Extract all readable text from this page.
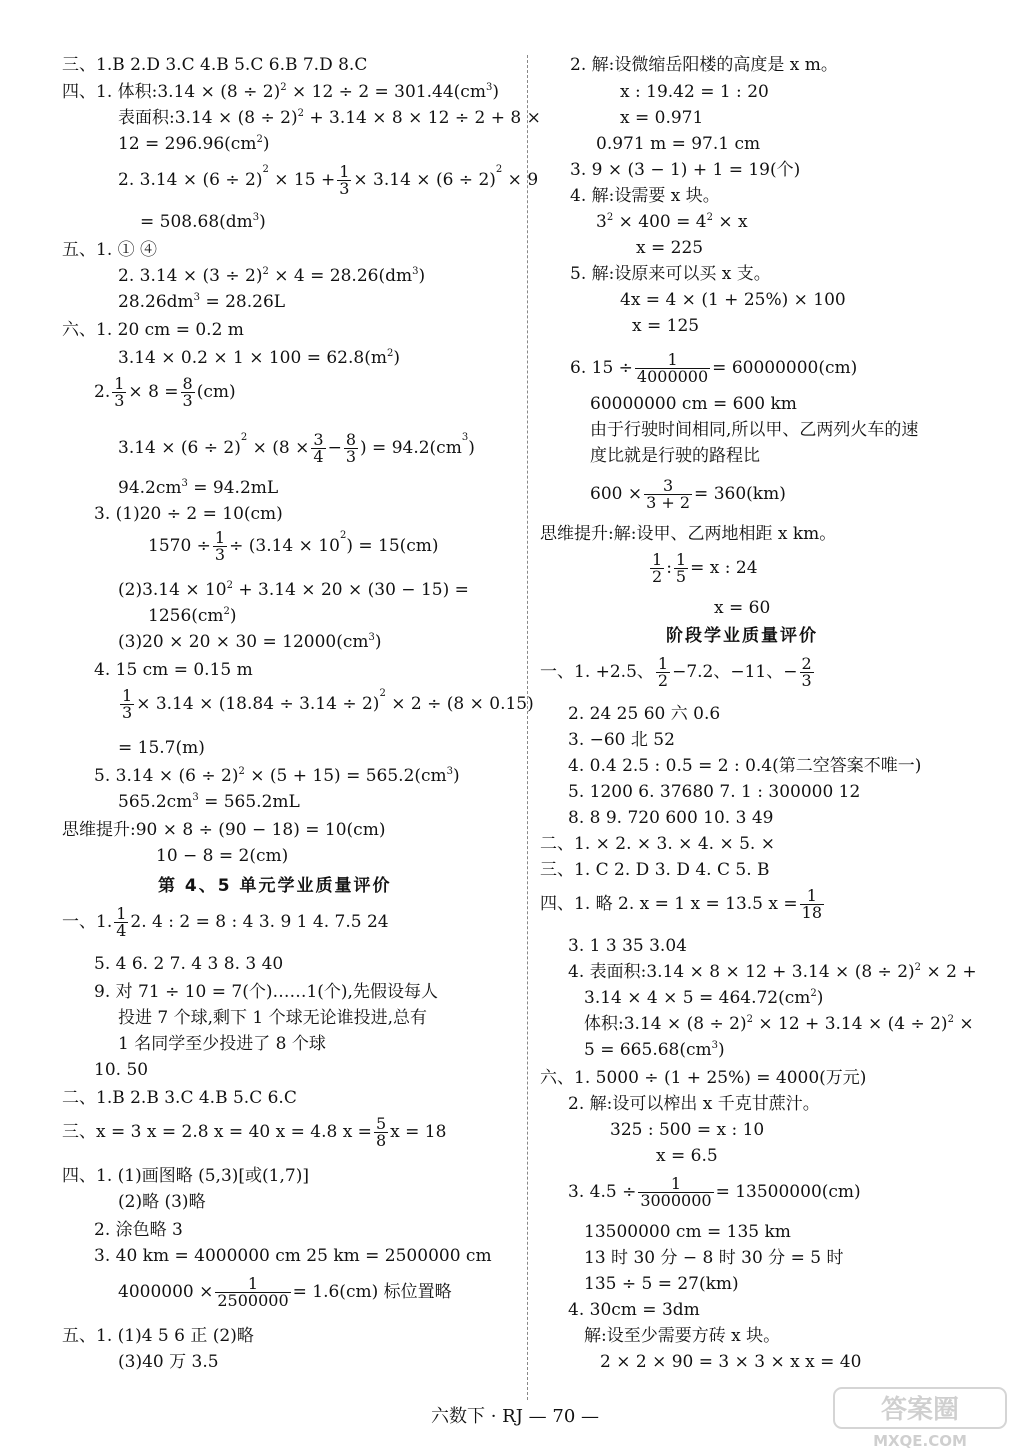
三、1.B 2.D 3.C 4.B 5.C 6.B 7.D 8.C
四、1. 体积:3.14 × $(8 \div 2)^2 \times 12 \div 2 = 301.44(cm^3)$
表面积:3.14 × $(8 \div 2)^2 + 3.14 \times 8 \times 12 \div 2 + 8$ ×
$12 = 296.96(cm^2)$
2. $3.14 \times (6 \div 2)^2 \times 15 + \frac{1}{3} \times 3.14 \times (6 \div 2)^2 \times 9$
= $508.68(dm^3)$
五、1. ① ④
2. $3.14 \times (3 \div 2)^2 \times 4 = 28.26(dm^3)$
$28.26dm^3 = 28.26L$
六、1. 20 cm = 0.2 m
$3.14 \times 0.2 \times 1 \times 100 = 62.8(m^2)$
2. $\frac{1}{3} \times 8 = \frac{8}{3} (cm)$
$3.14 \times (6 \div 2)^2 \times (8 \times \frac{3}{4} - \frac{8}{3}$ ) = $94.2(cm^3)$
$94.2cm^3 = 94.2mL$
3. (1)20 ÷ 2 = 10(cm)
$1570 \div \frac{1}{3} \div (3.14 \times 10^2) = 15(cm)$
$(2)3.14 \times 10^2 + 3.14 \times 20 \times (30 - 15)$ =
$1256(cm^2)$
$(3)20 \times 20 \times 30 = 12000(cm^3)$
4. 15 cm = 0.15 m
$\frac{1}{3} \times 3.14 \times (18.84 \div 3.14 \div 2)^2 \times 2 \div (8 \times 0.15)$
= 15.7(m)
5. $3.14 \times (6 \div 2)^2 \times (5 + 15) = 565.2(cm^3)$
$565.2cm^3 = 565.2mL$
思维提升:90 × 8 ÷ (90 − 18) = 10(cm)
10 − 8 = 2(cm)
第 4、5 单元学业质量评价
一、1. $\frac{1}{4} 2$. 4 : 2 = 8 : 4 3. 9 1 4. 7.5 24
5. 4 6. 2 7. 4 3 8. 3 40
9. 对 71 ÷ 10 = 7(个)……1(个),先假设每人
投进 7 个球,剩下 1 个球无论谁投进,总有
1 名同学至少投进了 8 个球
10. 50
二、1.B 2.B 3.C 4.B 5.C 6.C
三、x = 3 x = 2.8 x = 40 x = 4.8 $x = \frac{5}{8}$ x = 18
四、1. (1)画图略 (5,3)[或(1,7)]
(2)略 (3)略
2. 涂色略 3
3. 40 km = 4000000 cm 25 km = 2500000 cm
$4000000 \times \frac{1}{2500000} = 1.6(cm)$ 标位置略
五、1. (1)4 5 6 正 (2)略
(3)40 万 3.5
2. 解:设微缩岳阳楼的高度是 x m。
x : 19.42 = 1 : 20
x = 0.971
0.971 m = 97.1 cm
3. 9 × (3 − 1) + 1 = 19(个)
4. 解:设需要 x 块。
$3^2 \times 400 = 4^2 \times x$
x = 225
5. 解:设原来可以买 x 支。
4x = 4 × (1 + 25%) × 100
x = 125
6. $15 \div \frac{1}{4000000} = 60000000(cm)$
60000000 cm = 600 km
由于行驶时间相同,所以甲、乙两列火车的速
度比就是行驶的路程比
$600 \times \frac{3}{3 + 2} = 360(km)$
思维提升:解:设甲、乙两地相距 x km。
$\frac{1}{2}$ : $\frac{1}{5} = x$ : 24
x = 60
阶段学业质量评价
一、1. +2.5、 $\frac{1}{2} -7.2$、−11、− $\frac{2}{3}$
2. 24 25 60 六 0.6
3. −60 北 52
4. 0.4 2.5 : 0.5 = 2 : 0.4(第二空答案不唯一)
5. 1200 6. 37680 7. 1 : 300000 12
8. 8 9. 720 600 10. 3 49
二、1. × 2. × 3. × 4. × 5. ×
三、1. C 2. D 3. D 4. C 5. B
四、1. 略 2. x = 1 x = 13.5 $x = \frac{1}{18}$
3. 1 3 35 3.04
4. 表面积:3.14 × $8 \times 12 + 3.14 \times (8 \div 2)^2 \times 2$ +
$3.14 \times 4 \times 5 = 464.72(cm^2)$
体积:3.14 × $(8 \div 2)^2 \times 12 + 3.14 \times (4 \div 2)^2$ ×
$5 = 665.68(cm^3)$
六、1. 5000 ÷ (1 + 25%) = 4000(万元)
2. 解:设可以榨出 x 千克甘蔗汁。
325 : 500 = x : 10
x = 6.5
3. $4.5 \div \frac{1}{3000000} = 13500000(cm)$
13500000 cm = 135 km
13 时 30 分 − 8 时 30 分 = 5 时
135 ÷ 5 = 27(km)
4. 30cm = 3dm
解:设至少需要方砖 x 块。
2 × 2 × 90 = 3 × 3 × x x = 40
六数下 · RJ — 70 —	答案圈
MXQE.COM
